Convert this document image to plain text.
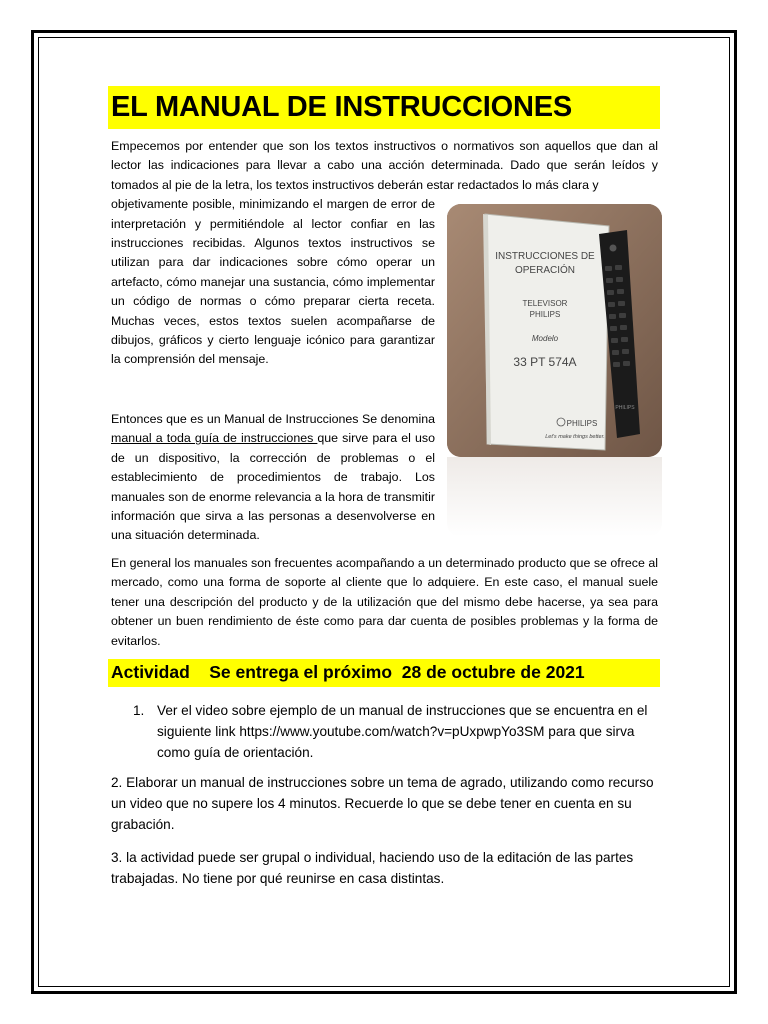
EL MANUAL DE INSTRUCCIONES

Empecemos por entender que son los textos instructivos o normativos son aquellos que dan al lector las indicaciones para llevar a cabo una acción determinada. Dado que serán leídos y tomados al pie de la letra, los textos instructivos deberán estar redactados lo más clara y
objetivamente posible, minimizando el margen de error de interpretación y permitiéndole al lector confiar en las instrucciones recibidas. Algunos textos instructivos se utilizan para dar indicaciones sobre cómo operar un artefacto, cómo manejar una sustancia, cómo implementar un código de normas o cómo preparar cierta receta. Muchas veces, estos textos suelen acompañarse de dibujos, gráficos y cierto lenguaje icónico para garantizar la comprensión del mensaje.

INSTRUCCIONES DE
OPERACIÓN
TELEVISOR
PHILIPS
Modelo
33 PT 574A
PHILIPS
Let's make things better.
PHILIPS

Entonces que es un Manual de Instrucciones Se denomina manual a toda guía de instrucciones que sirve para el uso de un dispositivo, la corrección de problemas o el establecimiento de procedimientos de trabajo. Los manuales son de enorme relevancia a la hora de transmitir información que sirva a las personas a desenvolverse en una situación determinada.

En general los manuales son frecuentes acompañando a un determinado producto que se ofrece al mercado, como una forma de soporte al cliente que lo adquiere. En este caso, el manual suele tener una descripción del producto y de la utilización que del mismo debe hacerse, ya sea para obtener un buen rendimiento de éste como para dar cuenta de posibles problemas y la forma de evitarlos.

Actividad    Se entrega el próximo  28 de octubre de 2021

1. Ver el video sobre ejemplo de un manual de instrucciones que se encuentra en el siguiente link https://www.youtube.com/watch?v=pUxpwpYo3SM para que sirva como guía de orientación.

2. Elaborar un manual de instrucciones sobre un tema de agrado, utilizando como recurso un video que no supere los 4 minutos. Recuerde lo que se debe tener en cuenta en su grabación.

3. la actividad puede ser grupal o individual, haciendo uso de la editación de las partes trabajadas. No tiene por qué reunirse en casa distintas.
